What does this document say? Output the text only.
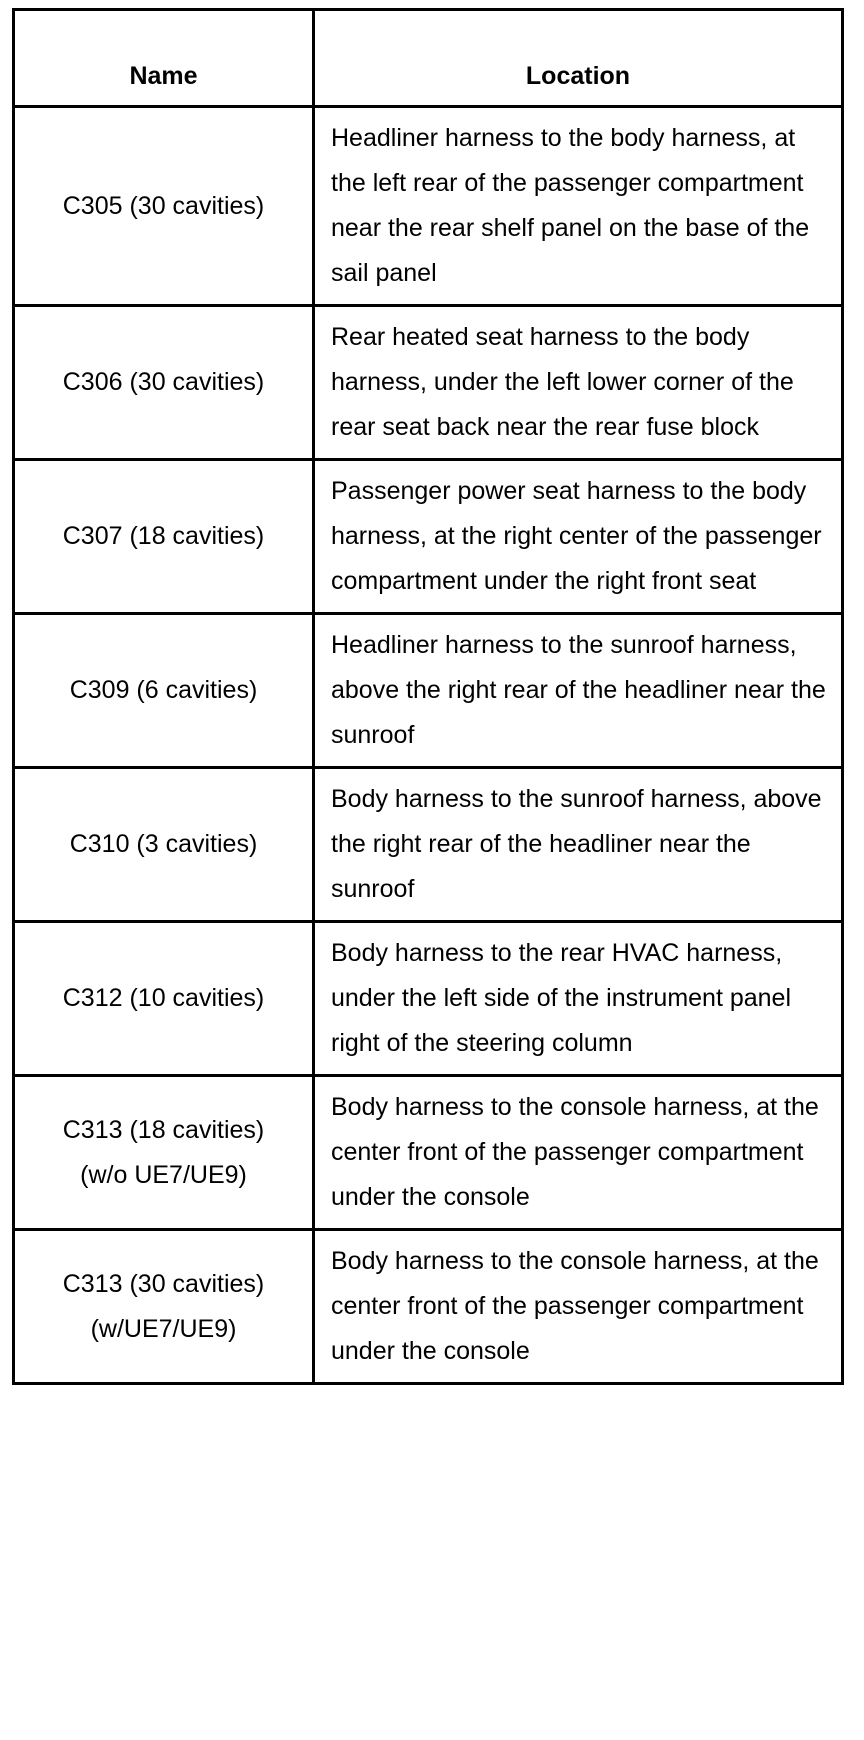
Name	Location

C305 (30 cavities)	Headliner harness to the body harness, at the left rear of the passenger compartment near the rear shelf panel on the base of the sail panel

C306 (30 cavities)	Rear heated seat harness to the body harness, under the left lower corner of the rear seat back near the rear fuse block

C307 (18 cavities)	Passenger power seat harness to the body harness, at the right center of the passenger compartment under the right front seat

C309 (6 cavities)	Headliner harness to the sunroof harness, above the right rear of the headliner near the sunroof

C310 (3 cavities)	Body harness to the sunroof harness, above the right rear of the headliner near the sunroof

C312 (10 cavities)	Body harness to the rear HVAC harness, under the left side of the instrument panel right of the steering column

C313 (18 cavities)
(w/o UE7/UE9)	Body harness to the console harness, at the center front of the passenger compartment under the console

C313 (30 cavities)
(w/UE7/UE9)	Body harness to the console harness, at the center front of the passenger compartment under the console
